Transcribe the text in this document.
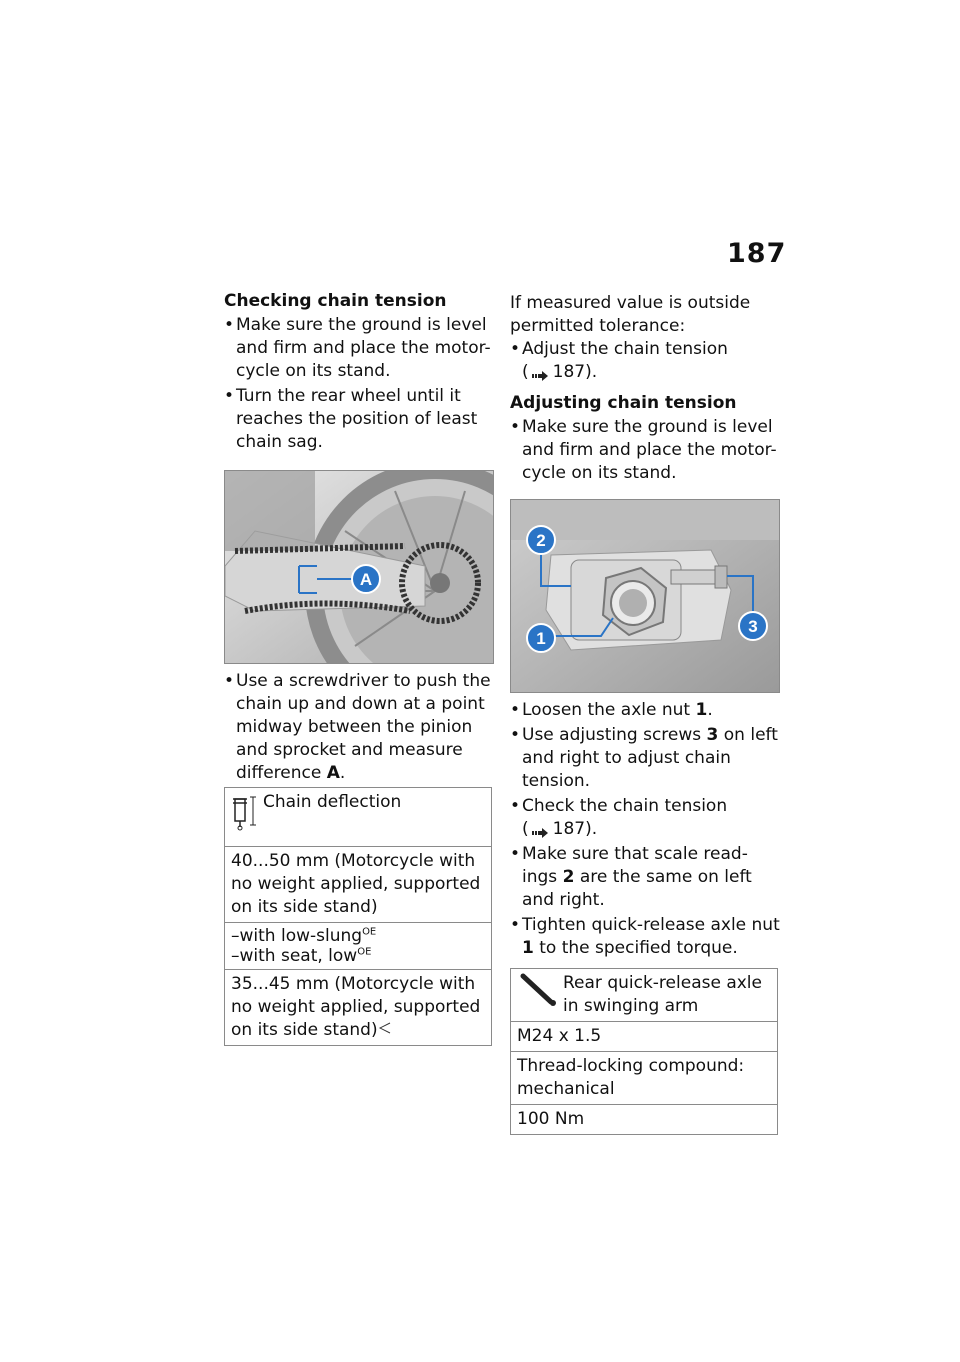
187
Checking chain tension
• Make sure the ground is level and firm and place the motor-cycle on its stand.
• Turn the rear wheel until it reaches the position of least chain sag.
A
• Use a screwdriver to push the chain up and down at a point midway between the pinion and sprocket and measure difference A.
Chain deflection
40...50 mm (Motorcycle with no weight applied, supported on its side stand)

–with low-slung$^{OE}$
–with seat, low$^{OE}$

35...45 mm (Motorcycle with no weight applied, supported on its side stand)
If measured value is outside permitted tolerance:
• Adjust the chain tension
( 187).
Adjusting chain tension
• Make sure the ground is level and firm and place the motor-cycle on its stand.
2
1
3
• Loosen the axle nut 1.
• Use adjusting screws 3 on left and right to adjust chain tension.
• Check the chain tension
( 187).
• Make sure that scale read-ings 2 are the same on left and right.
• Tighten quick-release axle nut 1 to the specified torque.
Rear quick-release axle in swinging arm

M24 x 1.5
Thread-locking compound: mechanical
100 Nm
